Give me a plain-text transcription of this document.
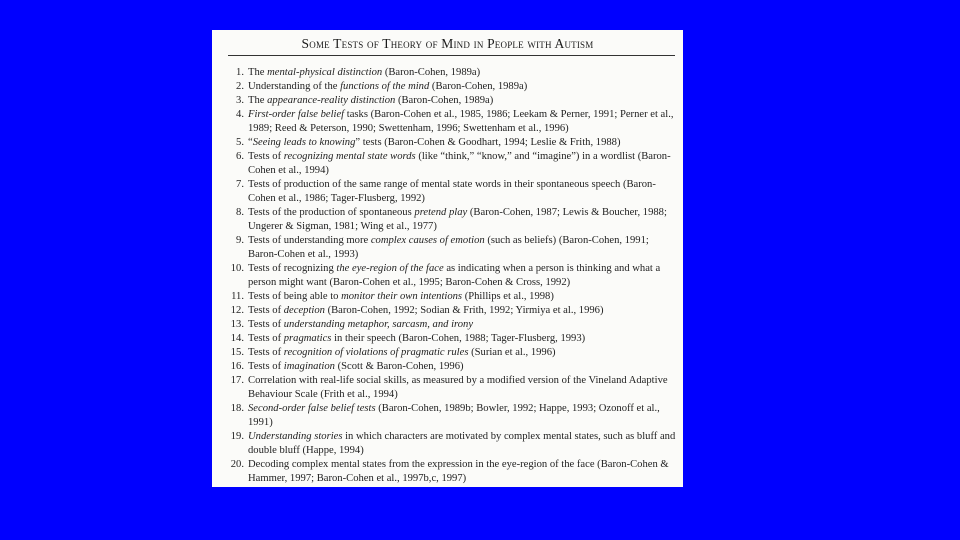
Some Tests of Theory of Mind in People with Autism
1. The mental-physical distinction (Baron-Cohen, 1989a)
2. Understanding of the functions of the mind (Baron-Cohen, 1989a)
3. The appearance-reality distinction (Baron-Cohen, 1989a)
4. First-order false belief tasks (Baron-Cohen et al., 1985, 1986; Leekam & Perner, 1991; Perner et al., 1989; Reed & Peterson, 1990; Swettenham, 1996; Swettenham et al., 1996)
5. “Seeing leads to knowing” tests (Baron-Cohen & Goodhart, 1994; Leslie & Frith, 1988)
6. Tests of recognizing mental state words (like “think,” “know,” and “imagine”) in a wordlist (Baron-Cohen et al., 1994)
7. Tests of production of the same range of mental state words in their spontaneous speech (Baron-Cohen et al., 1986; Tager-Flusberg, 1992)
8. Tests of the production of spontaneous pretend play (Baron-Cohen, 1987; Lewis & Boucher, 1988; Ungerer & Sigman, 1981; Wing et al., 1977)
9. Tests of understanding more complex causes of emotion (such as beliefs) (Baron-Cohen, 1991; Baron-Cohen et al., 1993)
10. Tests of recognizing the eye-region of the face as indicating when a person is thinking and what a person might want (Baron-Cohen et al., 1995; Baron-Cohen & Cross, 1992)
11. Tests of being able to monitor their own intentions (Phillips et al., 1998)
12. Tests of deception (Baron-Cohen, 1992; Sodian & Frith, 1992; Yirmiya et al., 1996)
13. Tests of understanding metaphor, sarcasm, and irony
14. Tests of pragmatics in their speech (Baron-Cohen, 1988; Tager-Flusberg, 1993)
15. Tests of recognition of violations of pragmatic rules (Surian et al., 1996)
16. Tests of imagination (Scott & Baron-Cohen, 1996)
17. Correlation with real-life social skills, as measured by a modified version of the Vineland Adaptive Behaviour Scale (Frith et al., 1994)
18. Second-order false belief tests (Baron-Cohen, 1989b; Bowler, 1992; Happe, 1993; Ozonoff et al., 1991)
19. Understanding stories in which characters are motivated by complex mental states, such as bluff and double bluff (Happe, 1994)
20. Decoding complex mental states from the expression in the eye-region of the face (Baron-Cohen & Hammer, 1997; Baron-Cohen et al., 1997b,c, 1997)
